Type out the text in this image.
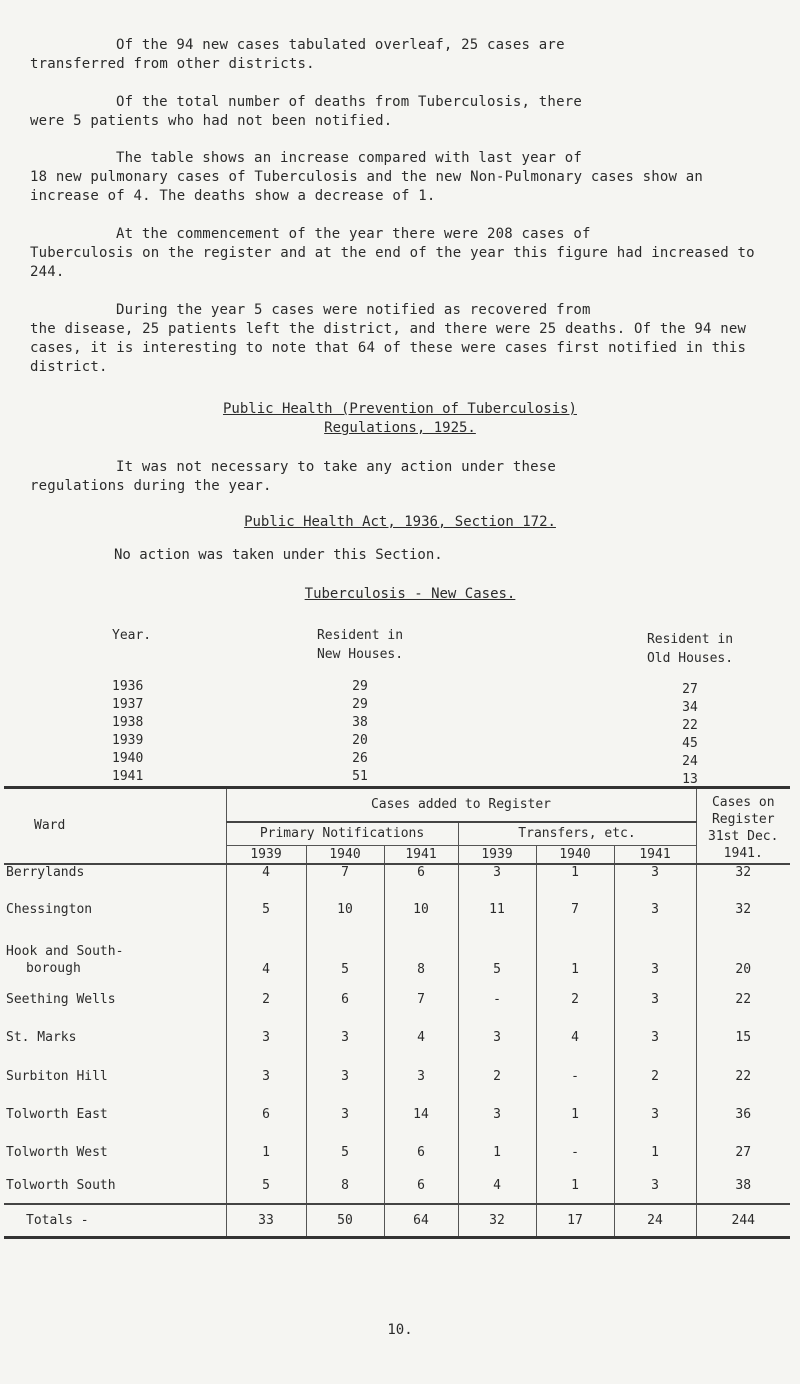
Of the 94 new cases tabulated overleaf, 25 cases are
transferred from other districts.

Of the total number of deaths from Tuberculosis, there
were 5 patients who had not been notified.

The table shows an increase compared with last year of
18 new pulmonary cases of Tuberculosis and the new Non-Pulmonary cases show an increase of 4. The deaths show a decrease of 1.

At the commencement of the year there were 208 cases of
Tuberculosis on the register and at the end of the year this figure had increased to 244.

During the year 5 cases were notified as recovered from
the disease, 25 patients left the district, and there were 25 deaths. Of the 94 new cases, it is interesting to note that 64 of these were cases first notified in this district.

Public Health (Prevention of Tuberculosis)
Regulations, 1925.

It was not necessary to take any action under these
regulations during the year.

Public Health Act, 1936, Section 172.

No action was taken under this Section.

Tuberculosis - New Cases.

Year.	Resident in
New Houses.

Resident in
Old Houses.

1936	29	27
1937	29	34
1938	38	22
1939	20	45
1940	26	24
1941	51	13
Ward	Cases added to Register						Cases on
Register
31st Dec.
1941.
	Primary Notifications			Transfers, etc.			
	1939	1940	1941	1939	1940	1941	
Berrylands	4	7	6	3	1	3	32
Chessington	5	10	10	11	7	3	32
Hook and South-
borough	4	5	8	5	1	3	20
Seething Wells	2	6	7	-	2	3	22
St. Marks	3	3	4	3	4	3	15
Surbiton Hill	3	3	3	2	-	2	22
Tolworth East	6	3	14	3	1	3	36
Tolworth West	1	5	6	1	-	1	27
Tolworth South	5	8	6	4	1	3	38
Totals -	33	50	64	32	17	24	244

10.
